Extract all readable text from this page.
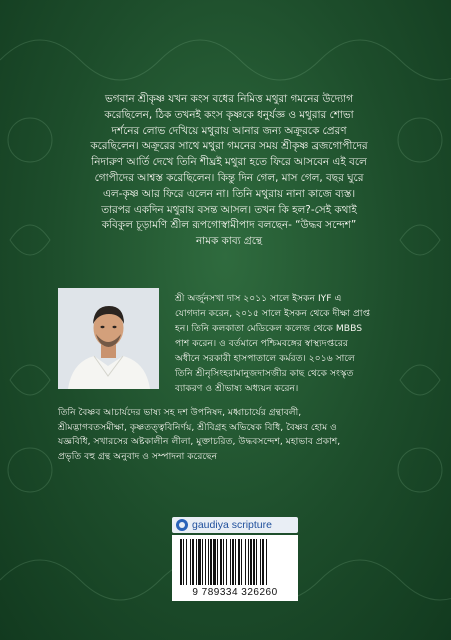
ভগবান শ্রীকৃষ্ণ যখন কংস বধের নিমিত্ত মথুরা গমনের উদ্যোগ

করেছিলেন, ঠিক তখনই কংস কৃষ্ণকে ধনুর্যজ্ঞ ও মথুরার শোভা

দর্শনের লোভ দেখিয়ে মথুরায় আনার জন্য অক্রূরকে প্রেরণ

করেছিলেন। অক্রূরের সাথে মথুরা গমনের সময় শ্রীকৃষ্ণ ব্রজগোপীদের

নিদারুণ আর্তি দেখে তিনি শীঘ্রই মথুরা হতে ফিরে আসবেন এই বলে

গোপীদের আশ্বস্ত করেছিলেন। কিন্তু দিন গেল, মাস গেল, বছর ঘুরে

এল-কৃষ্ণ আর ফিরে এলেন না। তিনি মথুরায় নানা কাজে ব্যস্ত।

তারপর একদিন মথুরায় বসন্ত আসল। তখন কি হল?-সেই কথাই

কবিকুল চূড়ামণি শ্রীল রূপগোস্বামীপাদ বলছেন- “উদ্ধব সন্দেশ”

নামক কাব্য গ্রন্থে

শ্রী অর্জুনসখা দাস ২০১১ সালে ইসকন IYF এ
যোগদান করেন, ২০১৫ সালে ইসকন থেকে দীক্ষা প্রাপ্ত
হন। তিনি কলকাতা মেডিকেল কলেজ থেকে MBBS
পাশ করেন। ও বর্তমানে পশ্চিমবঙ্গের স্বাস্থ্যদপ্তরের
অধীনে সরকারী হাসপাতালে কর্মরত। ২০১৬ সালে
তিনি শ্রীনৃসিংহরামানুজদাসজীর কাছ থেকে সংস্কৃত
ব্যাকরণ ও শ্রীভাষ্য অধ্যয়ন করেন।
তিনি বৈষ্ণব আচার্যদের ভাষ্য সহ দশ উপনিষদ, মধ্বাচার্যের গ্রন্থাবলী,
শ্রীমদ্ভাগবতসমীক্ষা, কৃষ্ণতত্ত্ববিনির্ণয়, শ্রীবিগ্রহ অভিষেক বিধি, বৈষ্ণব হোম ও
যজ্ঞবিধি, সখারসের অষ্টকালীন লীলা, মুক্তাচরিত, উদ্ধবসন্দেশ, মহাভাব প্রকাশ,
প্রভৃতি বহু গ্রন্থ অনুবাদ ও সম্পাদনা করেছেন
gaudiya scripture
9 789334 326260
